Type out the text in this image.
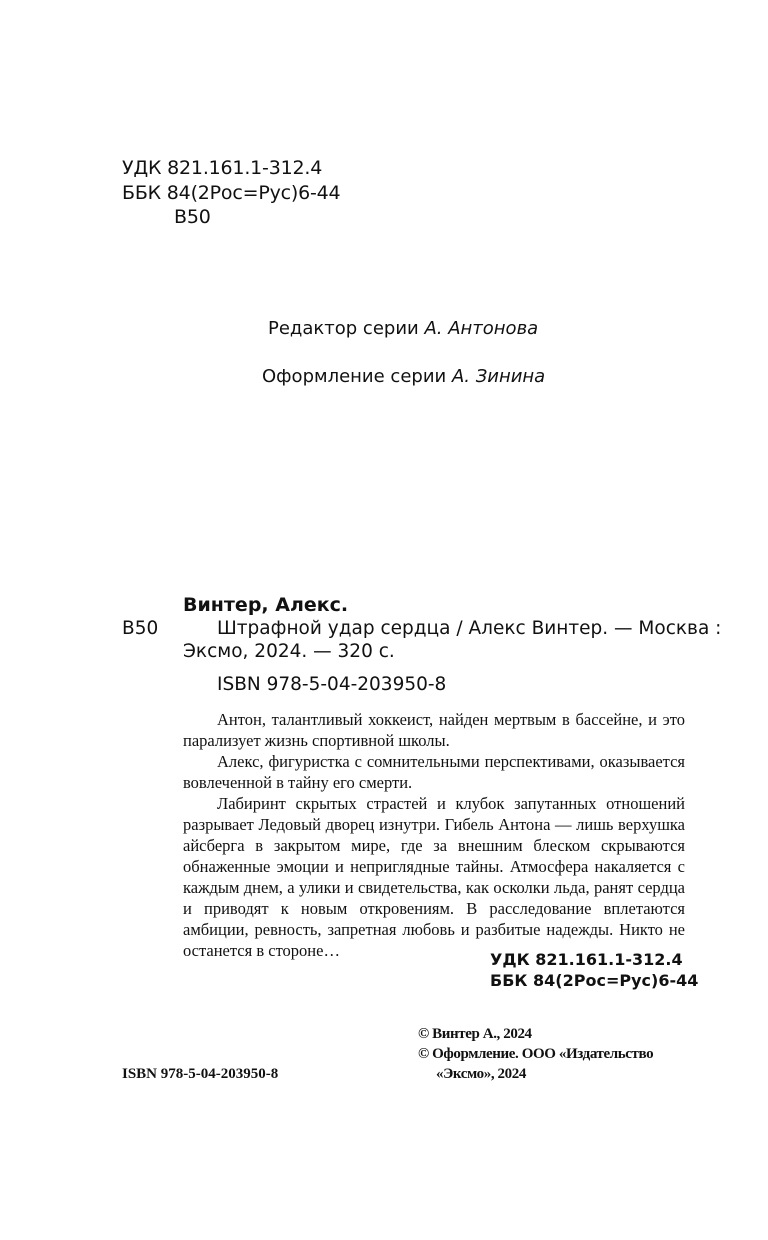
УДК 821.161.1-312.4
ББК 84(2Рос=Рус)6-44
В50
Редактор серии А. Антонова
Оформление серии А. Зинина
Винтер, Алекс.
В50	Штрафной удар сердца / Алекс Винтер. — Москва :
Эксмо, 2024. — 320 с.
ISBN 978-5-04-203950-8

Антон, талантливый хоккеист, найден мертвым в бассейне, и это парализует жизнь спортивной школы.

Алекс, фигуристка с сомнительными перспективами, оказывается вовлеченной в тайну его смерти.

Лабиринт скрытых страстей и клубок запутанных отношений разрывает Ледовый дворец изнутри. Гибель Антона — лишь верхушка айсберга в закрытом мире, где за внешним блеском скрываются обнаженные эмоции и неприглядные тайны. Атмосфера накаляется с каждым днем, а улики и свидетельства, как осколки льда, ранят сердца и приводят к новым откровениям. В расследование вплетаются амбиции, ревность, запретная любовь и разбитые надежды. Никто не останется в стороне…	УДК 821.161.1-312.4
ББК 84(2Рос=Рус)6-44
© Винтер А., 2024
© Оформление. ООО «Издательство
«Эксмо», 2024
ISBN 978-5-04-203950-8
